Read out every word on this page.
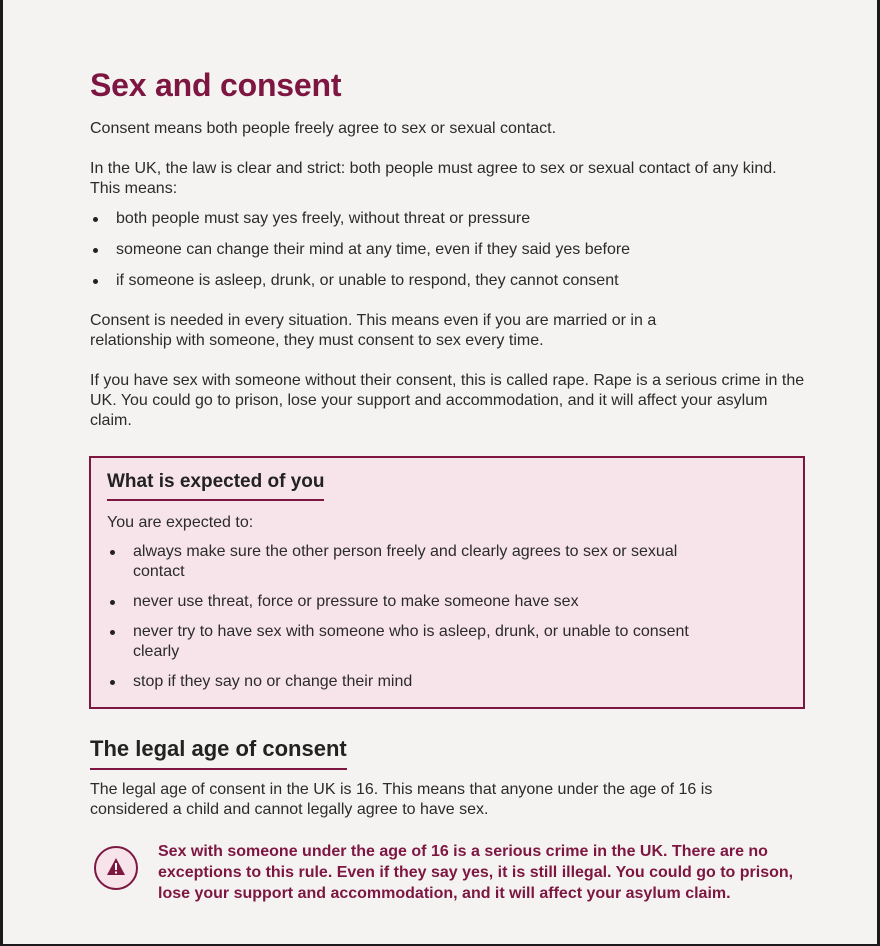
Sex and consent

Consent means both people freely agree to sex or sexual contact.

In the UK, the law is clear and strict: both people must agree to sex or sexual contact of any kind. This means:

both people must say yes freely, without threat or pressure
someone can change their mind at any time, even if they said yes before
if someone is asleep, drunk, or unable to respond, they cannot consent

Consent is needed in every situation. This means even if you are married or in a relationship with someone, they must consent to sex every time.

If you have sex with someone without their consent, this is called rape. Rape is a serious crime in the UK. You could go to prison, lose your support and accommodation, and it will affect your asylum claim.

The legal age of consent

The legal age of consent in the UK is 16. This means that anyone under the age of 16 is considered a child and cannot legally agree to have sex.

What is expected of you

You are expected to:

always make sure the other person freely and clearly agrees to sex or sexual contact
never use threat, force or pressure to make someone have sex
never try to have sex with someone who is asleep, drunk, or unable to consent clearly
stop if they say no or change their mind

Sex with someone under the age of 16 is a serious crime in the UK. There are no exceptions to this rule. Even if they say yes, it is still illegal. You could go to prison, lose your support and accommodation, and it will affect your asylum claim.
